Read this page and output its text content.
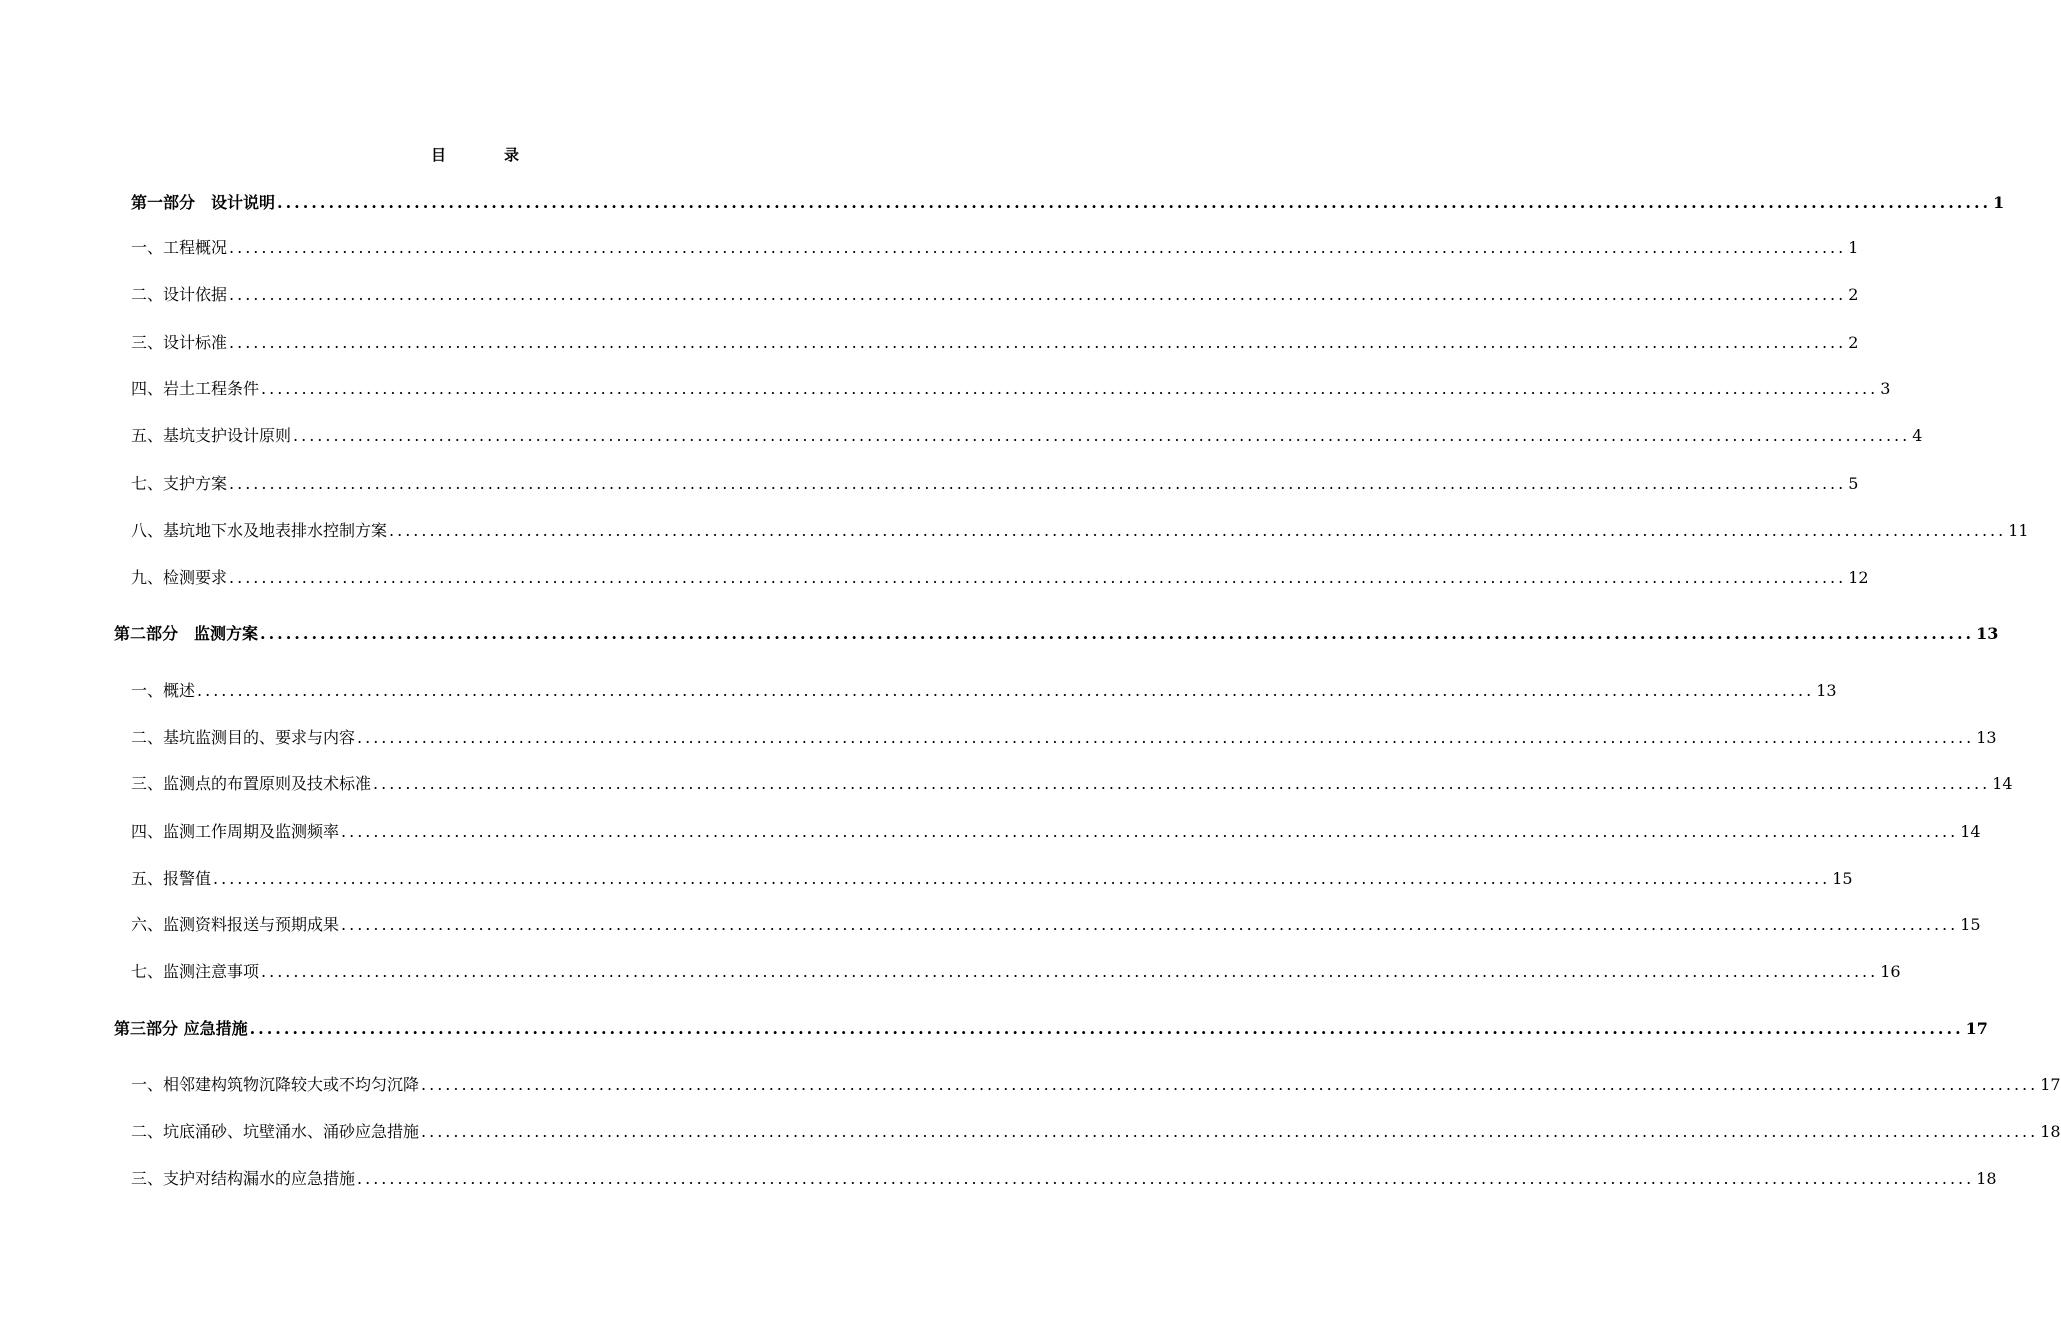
目	录
第一部分　设计说明 ........................................................................................................................................................................................................ 1
一、工程概况 ........................................................................................................................................................................................................ 1
二、设计依据 ........................................................................................................................................................................................................ 2
三、设计标准 ........................................................................................................................................................................................................ 2
四、岩土工程条件 ........................................................................................................................................................................................................ 3
五、基坑支护设计原则 ........................................................................................................................................................................................................ 4
七、支护方案 ........................................................................................................................................................................................................ 5
八、基坑地下水及地表排水控制方案 ........................................................................................................................................................................................................ 11
九、检测要求 ........................................................................................................................................................................................................ 12
第二部分　监测方案 ........................................................................................................................................................................................................ 13
一、概述 ........................................................................................................................................................................................................ 13
二、基坑监测目的、要求与内容 ........................................................................................................................................................................................................ 13
三、监测点的布置原则及技术标准 ........................................................................................................................................................................................................ 14
四、监测工作周期及监测频率 ........................................................................................................................................................................................................ 14
五、报警值 ........................................................................................................................................................................................................ 15
六、监测资料报送与预期成果 ........................................................................................................................................................................................................ 15
七、监测注意事项 ........................................................................................................................................................................................................ 16
第三部分 应急措施 ........................................................................................................................................................................................................ 17
一、相邻建构筑物沉降较大或不均匀沉降 ........................................................................................................................................................................................................ 17
二、坑底涌砂、坑壁涌水、涌砂应急措施 ........................................................................................................................................................................................................ 18
三、支护对结构漏水的应急措施 ........................................................................................................................................................................................................ 18
